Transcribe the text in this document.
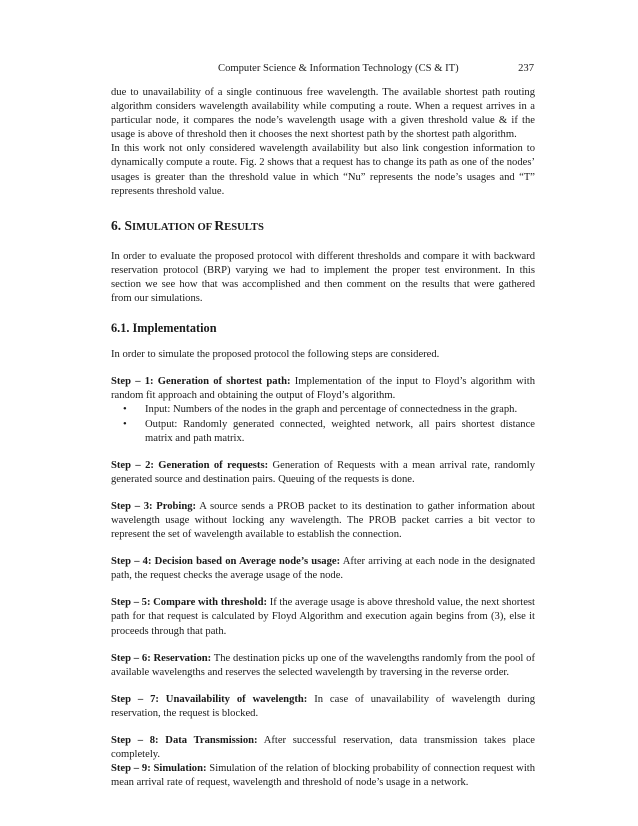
Computer Science & Information Technology (CS & IT)	237

due to unavailability of a single continuous free wavelength. The available shortest path routing algorithm considers wavelength availability while computing a route. When a request arrives in a particular node, it compares the node’s wavelength usage with a given threshold value & if the usage is above of threshold then it chooses the next shortest path by the shortest path algorithm.

In this work not only considered wavelength availability but also link congestion information to dynamically compute a route. Fig. 2 shows that a request has to change its path as one of the nodes’ usages is greater than the threshold value in which “Nu” represents the node’s usages and “T” represents threshold value.

6. SIMULATION OF RESULTS

In order to evaluate the proposed protocol with different thresholds and compare it with backward reservation protocol (BRP) varying we had to implement the proper test environment. In this section we see how that was accomplished and then comment on the results that were gathered from our simulations.

6.1. Implementation

In order to simulate the proposed protocol the following steps are considered.

Step – 1: Generation of shortest path: Implementation of the input to Floyd’s algorithm with random fit approach and obtaining the output of Floyd’s algorithm.

• Input: Numbers of the nodes in the graph and percentage of connectedness in the graph.
• Output: Randomly generated connected, weighted network, all pairs shortest distance matrix and path matrix.

Step – 2: Generation of requests: Generation of Requests with a mean arrival rate, randomly generated source and destination pairs. Queuing of the requests is done.

Step – 3: Probing: A source sends a PROB packet to its destination to gather information about wavelength usage without locking any wavelength. The PROB packet carries a bit vector to represent the set of wavelength available to establish the connection.

Step – 4: Decision based on Average node’s usage: After arriving at each node in the designated path, the request checks the average usage of the node.

Step – 5: Compare with threshold: If the average usage is above threshold value, the next shortest path for that request is calculated by Floyd Algorithm and execution again begins from (3), else it proceeds through that path.

Step – 6: Reservation: The destination picks up one of the wavelengths randomly from the pool of available wavelengths and reserves the selected wavelength by traversing in the reverse order.

Step – 7: Unavailability of wavelength: In case of unavailability of wavelength during reservation, the request is blocked.

Step – 8: Data Transmission: After successful reservation, data transmission takes place completely.

Step – 9: Simulation: Simulation of the relation of blocking probability of connection request with mean arrival rate of request, wavelength and threshold of node’s usage in a network.
